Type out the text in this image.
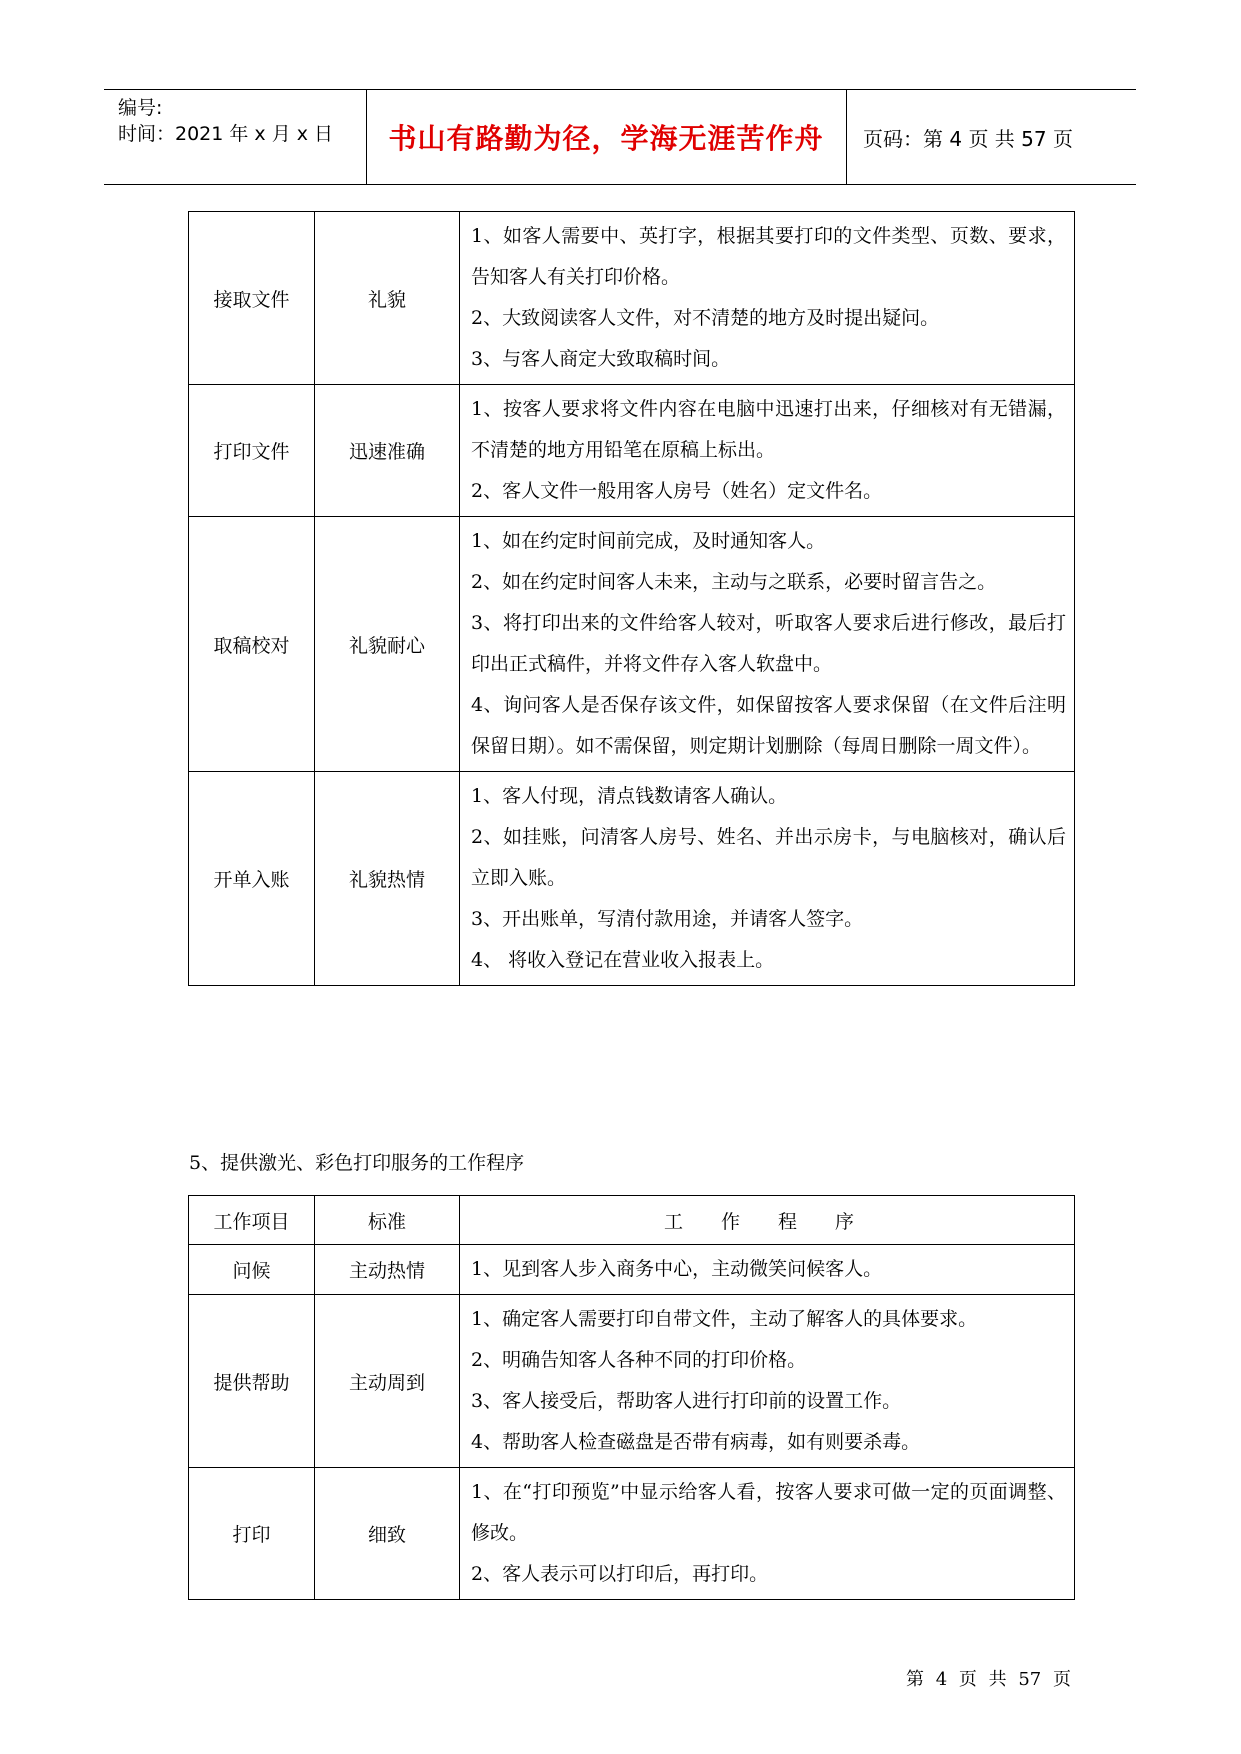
编号:
时间：2021 年 x 月 x 日	书山有路勤为径，学海无涯苦作舟	页码：第 4 页 共 57 页
接取文件	礼貌	1、如客人需要中、英打字，根据其要打印的文件类型、页数、要求，告知客人有关打印价格。
2、大致阅读客人文件，对不清楚的地方及时提出疑问。
3、与客人商定大致取稿时间。

打印文件	迅速准确	1、按客人要求将文件内容在电脑中迅速打出来，仔细核对有无错漏，不清楚的地方用铅笔在原稿上标出。
2、客人文件一般用客人房号（姓名）定文件名。

取稿校对	礼貌耐心	1、如在约定时间前完成，及时通知客人。
2、如在约定时间客人未来，主动与之联系，必要时留言告之。
3、将打印出来的文件给客人较对，听取客人要求后进行修改，最后打印出正式稿件，并将文件存入客人软盘中。
4、询问客人是否保存该文件，如保留按客人要求保留（在文件后注明保留日期）。如不需保留，则定期计划删除（每周日删除一周文件）。

开单入账	礼貌热情	1、客人付现，清点钱数请客人确认。
2、如挂账，问清客人房号、姓名、并出示房卡，与电脑核对，确认后立即入账。
3、开出账单，写清付款用途，并请客人签字。
4、 将收入登记在营业收入报表上。
5、提供激光、彩色打印服务的工作程序
工作项目	标准	工 作 程 序
问候	主动热情	1、见到客人步入商务中心，主动微笑问候客人。

提供帮助	主动周到	1、确定客人需要打印自带文件，主动了解客人的具体要求。
2、明确告知客人各种不同的打印价格。
3、客人接受后，帮助客人进行打印前的设置工作。
4、帮助客人检查磁盘是否带有病毒，如有则要杀毒。

打印	细致	1、在“打印预览”中显示给客人看，按客人要求可做一定的页面调整、修改。
2、客人表示可以打印后，再打印。
第 4 页 共 57 页
